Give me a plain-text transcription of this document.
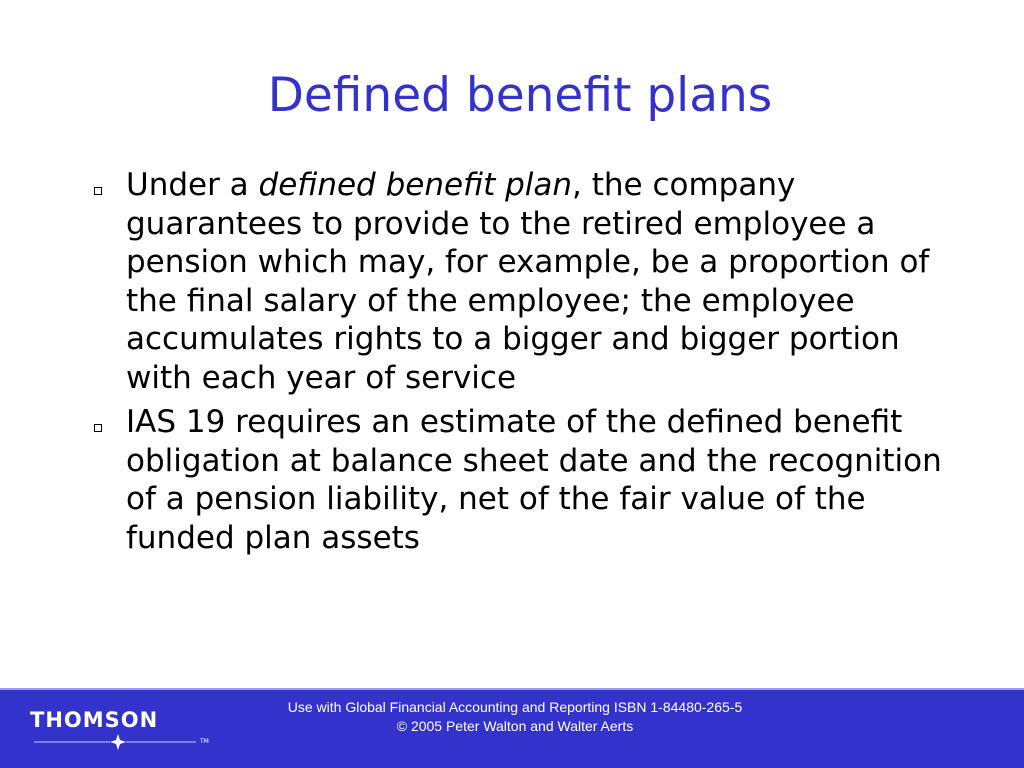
Defined benefit plans
Under a defined benefit plan, the company guarantees to provide to the retired employee a pension which may, for example, be a proportion of the final salary of the employee; the employee accumulates rights to a bigger and bigger portion with each year of service
IAS 19 requires an estimate of the defined benefit obligation at balance sheet date and the recognition of a pension liability, net of the fair value of the funded plan assets
THOMSON
TM
Use with Global Financial Accounting and Reporting ISBN 1-84480-265-5
© 2005 Peter Walton and Walter Aerts
